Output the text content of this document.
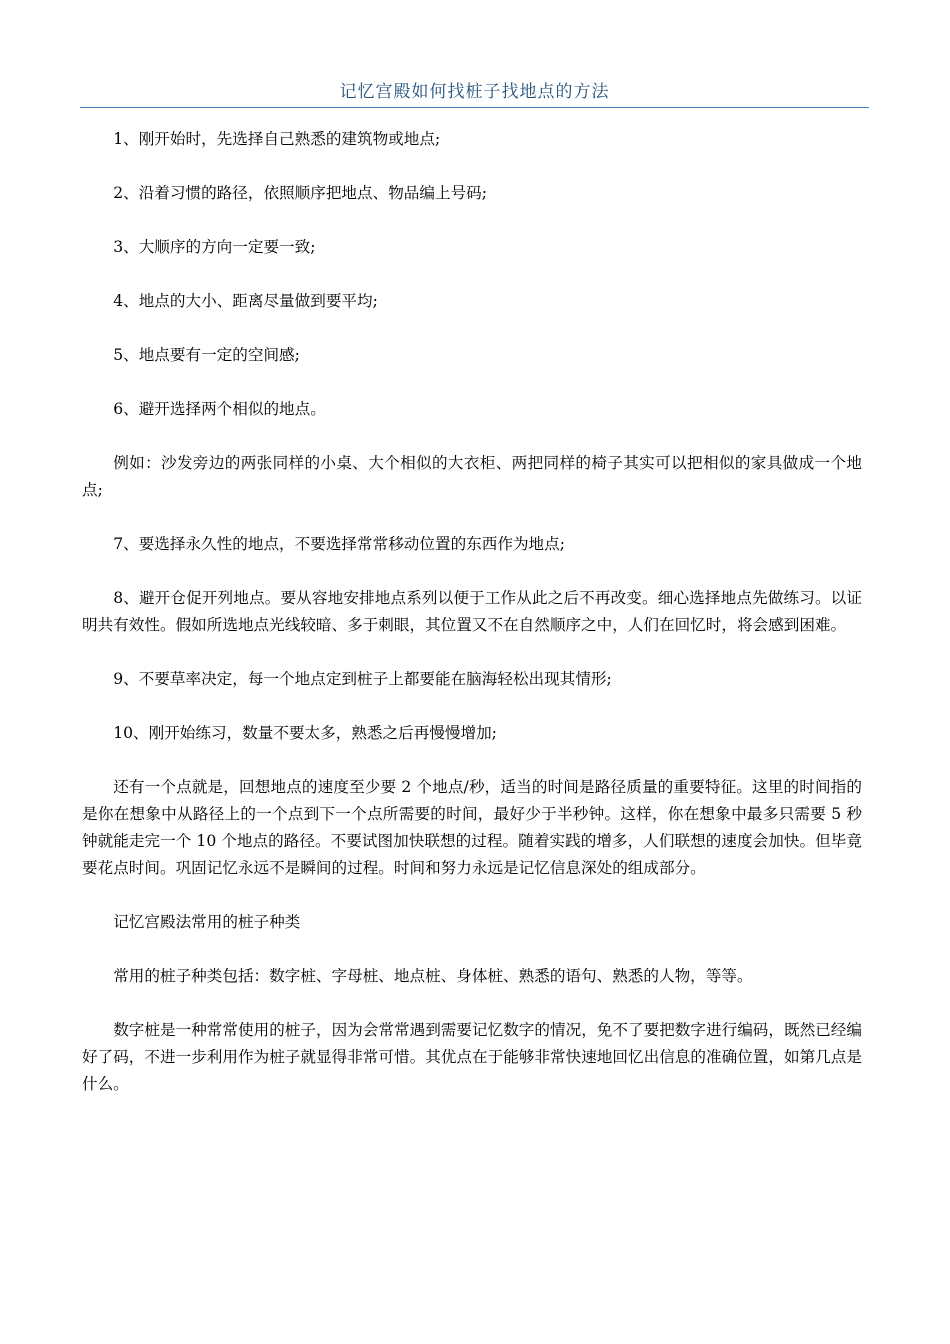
记忆宫殿如何找桩子找地点的方法

1、刚开始时，先选择自己熟悉的建筑物或地点;

2、沿着习惯的路径，依照顺序把地点、物品编上号码;

3、大顺序的方向一定要一致;

4、地点的大小、距离尽量做到要平均;

5、地点要有一定的空间感;

6、避开选择两个相似的地点。

例如：沙发旁边的两张同样的小桌、大个相似的大衣柜、两把同样的椅子其实可以把相似的家具做成一个地点;

7、要选择永久性的地点，不要选择常常移动位置的东西作为地点;

8、避开仓促开列地点。要从容地安排地点系列以便于工作从此之后不再改变。细心选择地点先做练习。以证明共有效性。假如所选地点光线较暗、多于刺眼，其位置又不在自然顺序之中，人们在回忆时，将会感到困难。

9、不要草率决定，每一个地点定到桩子上都要能在脑海轻松出现其情形;

10、刚开始练习，数量不要太多，熟悉之后再慢慢增加;

还有一个点就是，回想地点的速度至少要 2 个地点/秒，适当的时间是路径质量的重要特征。这里的时间指的是你在想象中从路径上的一个点到下一个点所需要的时间，最好少于半秒钟。这样，你在想象中最多只需要 5 秒钟就能走完一个 10 个地点的路径。不要试图加快联想的过程。随着实践的增多，人们联想的速度会加快。但毕竟要花点时间。巩固记忆永远不是瞬间的过程。时间和努力永远是记忆信息深处的组成部分。

记忆宫殿法常用的桩子种类

常用的桩子种类包括：数字桩、字母桩、地点桩、身体桩、熟悉的语句、熟悉的人物，等等。

数字桩是一种常常使用的桩子，因为会常常遇到需要记忆数字的情况，免不了要把数字进行编码，既然已经编好了码，不进一步利用作为桩子就显得非常可惜。其优点在于能够非常快速地回忆出信息的准确位置，如第几点是什么。
